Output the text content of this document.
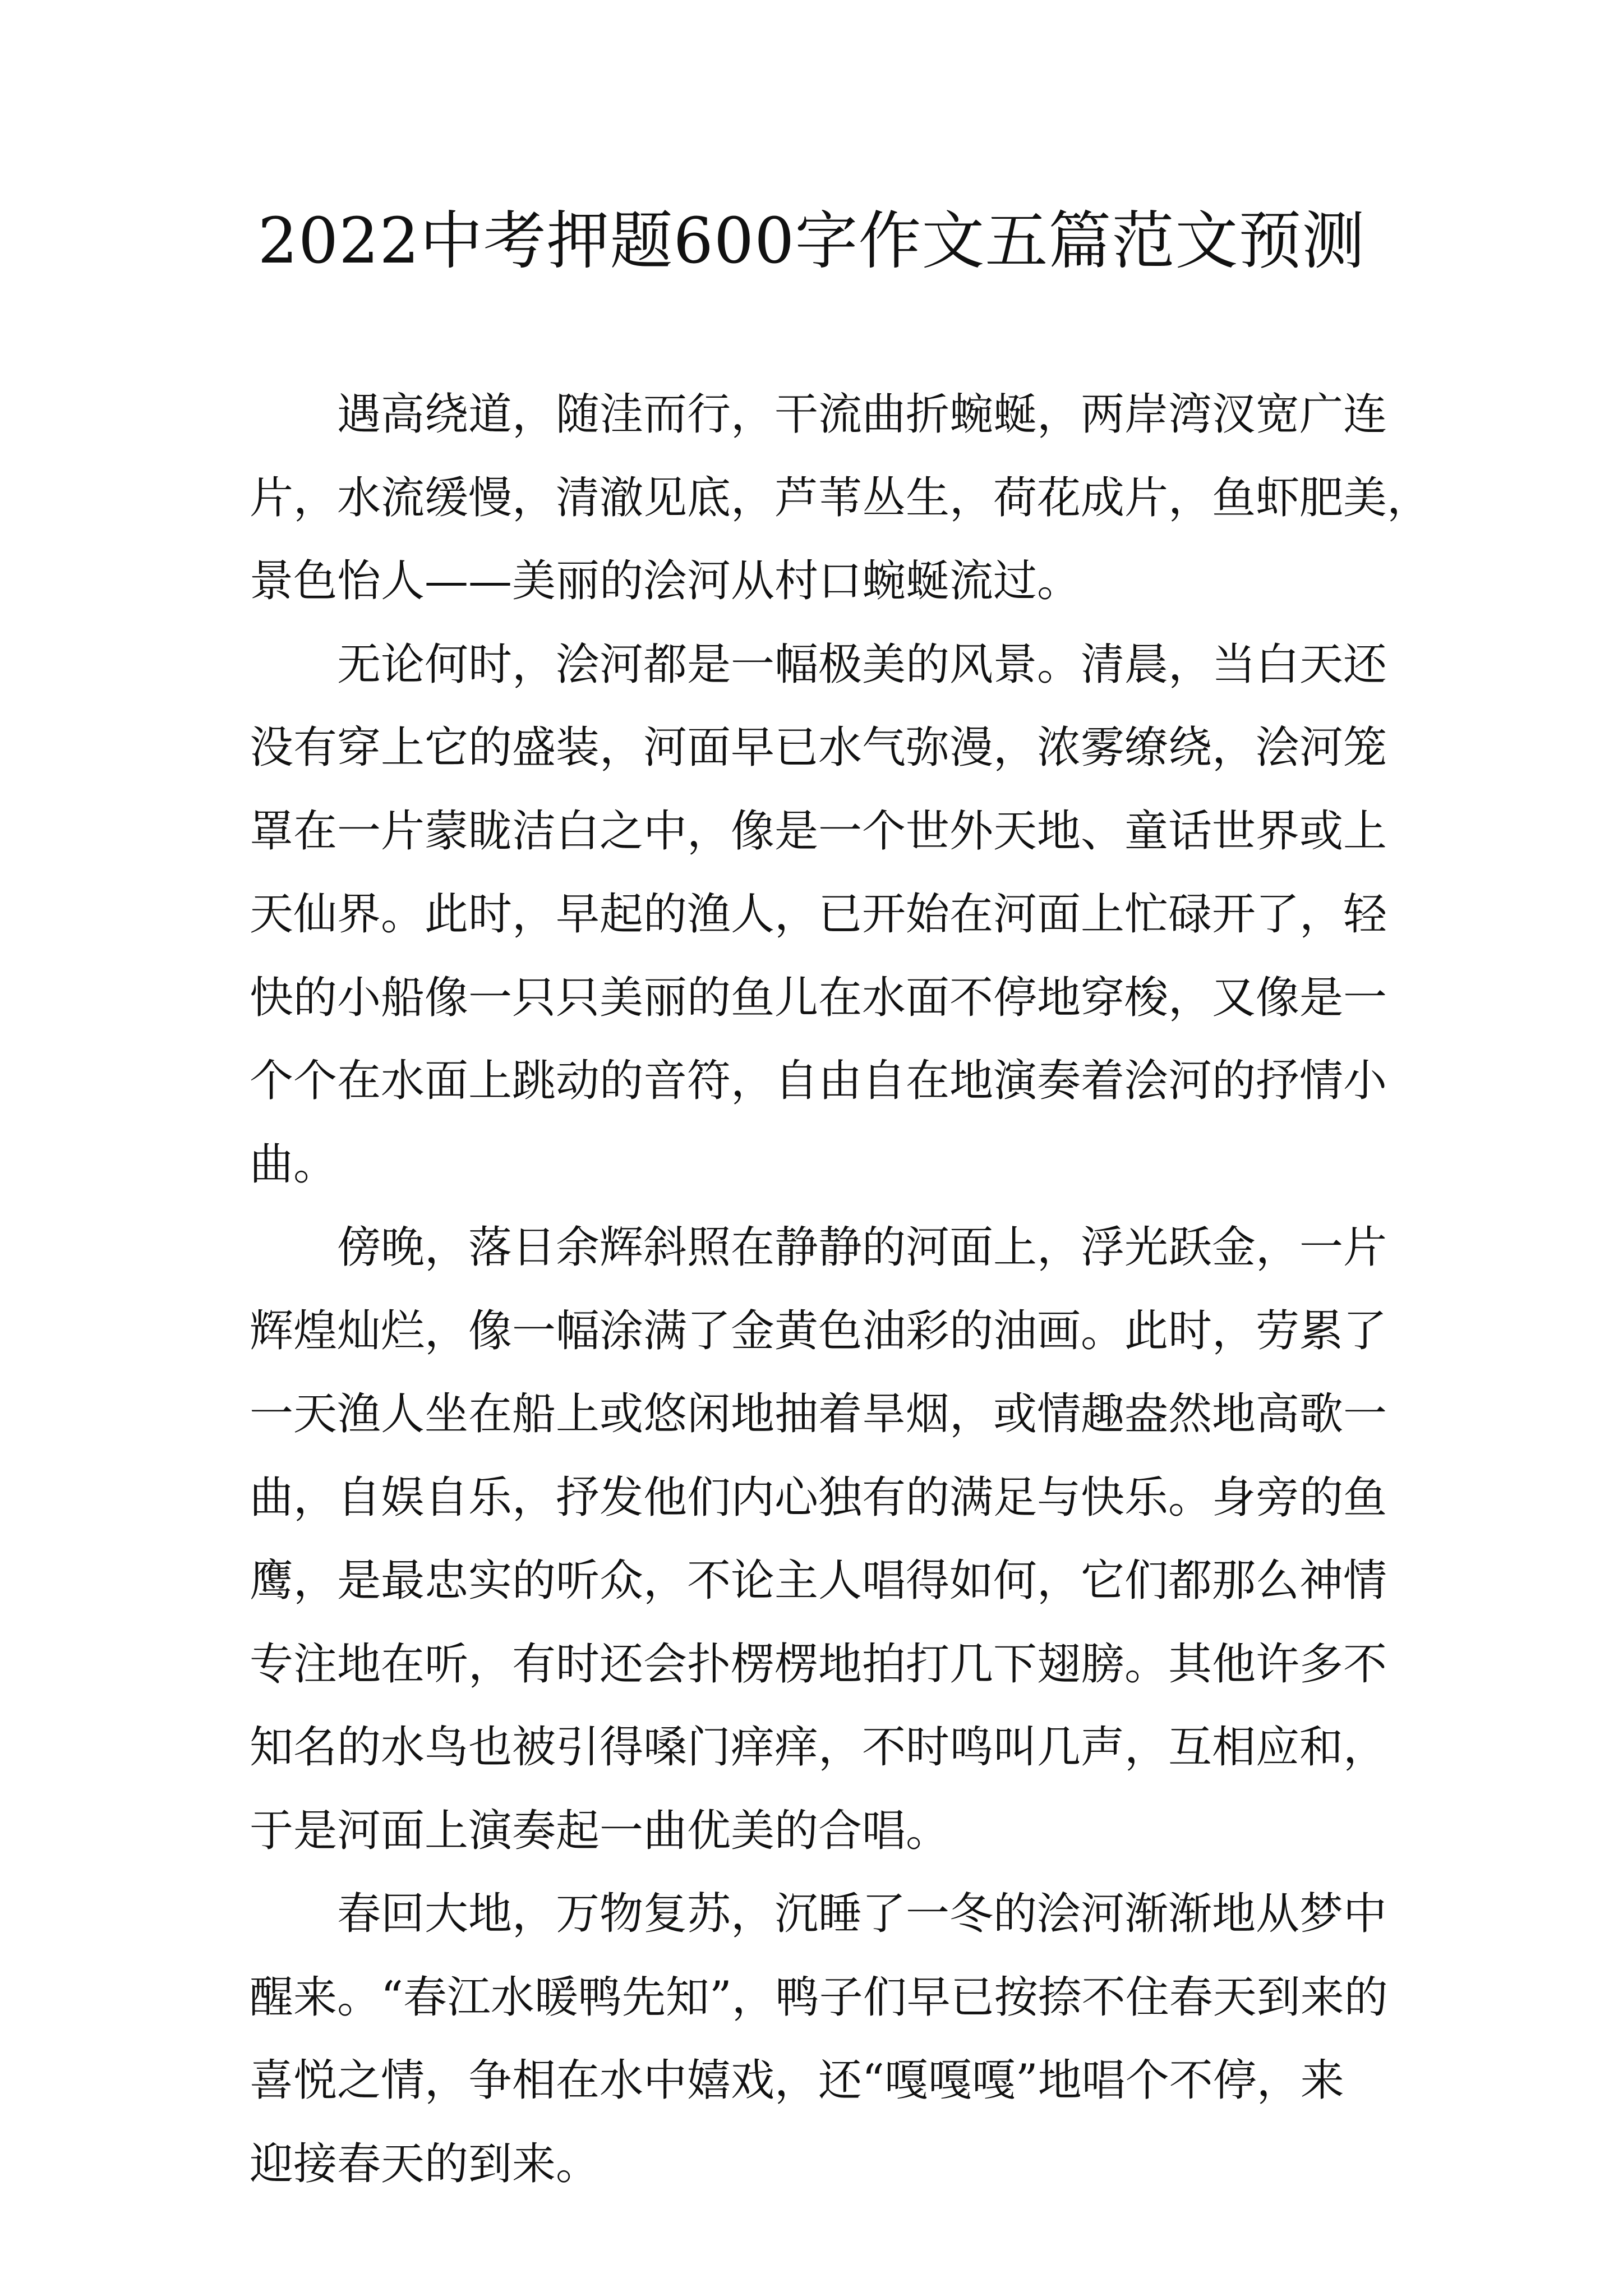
2022中考押题600字作文五篇范文预测

遇高绕道，随洼而行，干流曲折蜿蜒，两岸湾汊宽广连
片，水流缓慢，清澈见底，芦苇丛生，荷花成片，鱼虾肥美，
景色怡人——美丽的浍河从村口蜿蜒流过。

无论何时，浍河都是一幅极美的风景。清晨，当白天还
没有穿上它的盛装，河面早已水气弥漫，浓雾缭绕，浍河笼
罩在一片蒙眬洁白之中，像是一个世外天地、童话世界或上
天仙界。此时，早起的渔人，已开始在河面上忙碌开了，轻
快的小船像一只只美丽的鱼儿在水面不停地穿梭，又像是一
个个在水面上跳动的音符，自由自在地演奏着浍河的抒情小
曲。

傍晚，落日余辉斜照在静静的河面上，浮光跃金，一片
辉煌灿烂，像一幅涂满了金黄色油彩的油画。此时，劳累了
一天渔人坐在船上或悠闲地抽着旱烟，或情趣盎然地高歌一
曲，自娱自乐，抒发他们内心独有的满足与快乐。身旁的鱼
鹰，是最忠实的听众，不论主人唱得如何，它们都那么神情
专注地在听，有时还会扑楞楞地拍打几下翅膀。其他许多不
知名的水鸟也被引得嗓门痒痒，不时鸣叫几声，互相应和，
于是河面上演奏起一曲优美的合唱。

春回大地，万物复苏，沉睡了一冬的浍河渐渐地从梦中
醒来。“春江水暖鸭先知”，鸭子们早已按捺不住春天到来的
喜悦之情，争相在水中嬉戏，还“嘎嘎嘎”地唱个不停，来
迎接春天的到来。
